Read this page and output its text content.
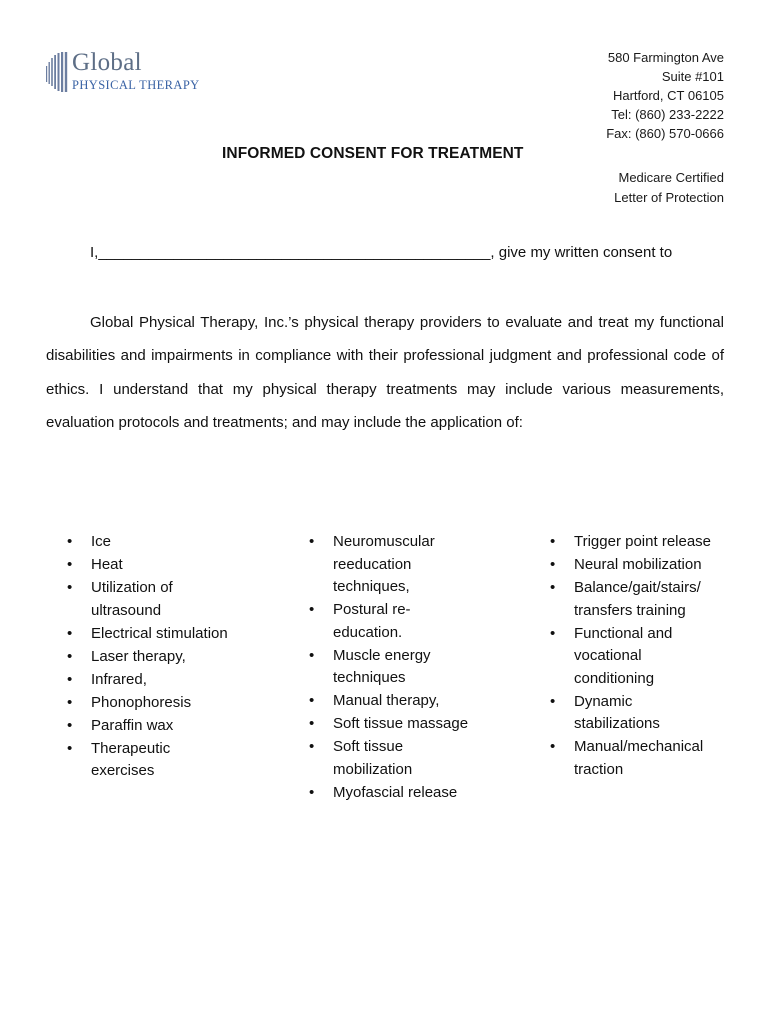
Global
PHYSICAL THERAPY
580 Farmington Ave
Suite #101
Hartford, CT 06105
Tel: (860) 233-2222
Fax: (860) 570-0666
INFORMED CONSENT FOR TREATMENT
Medicare Certified
Letter of Protection
I,_______________________________________________, give my written consent to
Global Physical Therapy, Inc.’s physical therapy providers to evaluate and treat my functional disabilities and impairments in compliance with their professional judgment and professional code of ethics. I understand that my physical therapy treatments may include various measurements, evaluation protocols and treatments; and may include the application of:
• Ice
• Heat
• Utilization of ultrasound
• Electrical stimulation
• Laser therapy,
• Infrared,
• Phonophoresis
• Paraffin wax
• Therapeutic exercises
• Neuromuscular reeducation techniques,
• Postural re-education.
• Muscle energy techniques
• Manual therapy,
• Soft tissue massage
• Soft tissue mobilization
• Myofascial release
• Trigger point release
• Neural mobilization
• Balance/gait/stairs/ transfers training
• Functional and vocational conditioning
• Dynamic stabilizations
• Manual/mechanical traction
